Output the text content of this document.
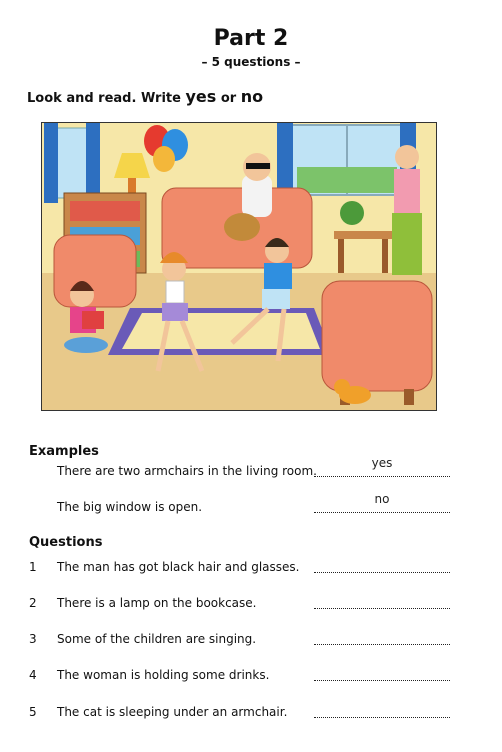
Part 2
– 5 questions –
Look and read. Write yes or no
Examples
There are two armchairs in the living room.
yes
The big window is open.
no
Questions
1	The man has got black hair and glasses.
2	There is a lamp on the bookcase.
3	Some of the children are singing.
4	The woman is holding some drinks.
5	The cat is sleeping under an armchair.
